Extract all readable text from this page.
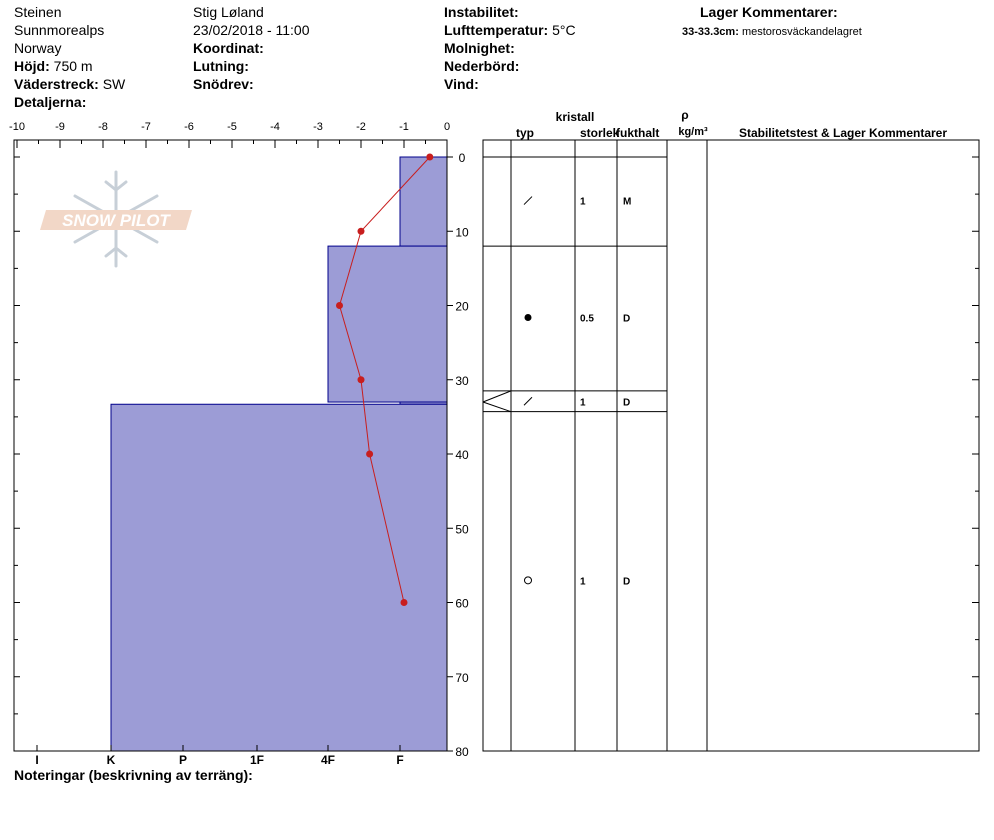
Steinen
Sunnmorealps
Norway
Höjd: 750 m
Väderstreck: SW
Detaljerna:
Stig Løland
23/02/2018 - 11:00
Koordinat:
Lutning:
Snödrev:
Instabilitet:
Lufttemperatur: 5°C
Molnighet:
Nederbörd:
Vind:
Lager Kommentarer:
33-33.3cm: mestorosväckandelagret
Noteringar (beskrivning av terräng):
SNOW PILOT
-10	-9	-8	-7	-6	-5	-4	-3	-2	-1	0
0
10
20
30
40
50
60
70
80
I	K	P	1F	4F	F
1	M
0.5	D
1	D
1	D
kristall
typ	storlek
fukthalt
ρ
kg/m³	Stabilitetstest & Lager Kommentarer
